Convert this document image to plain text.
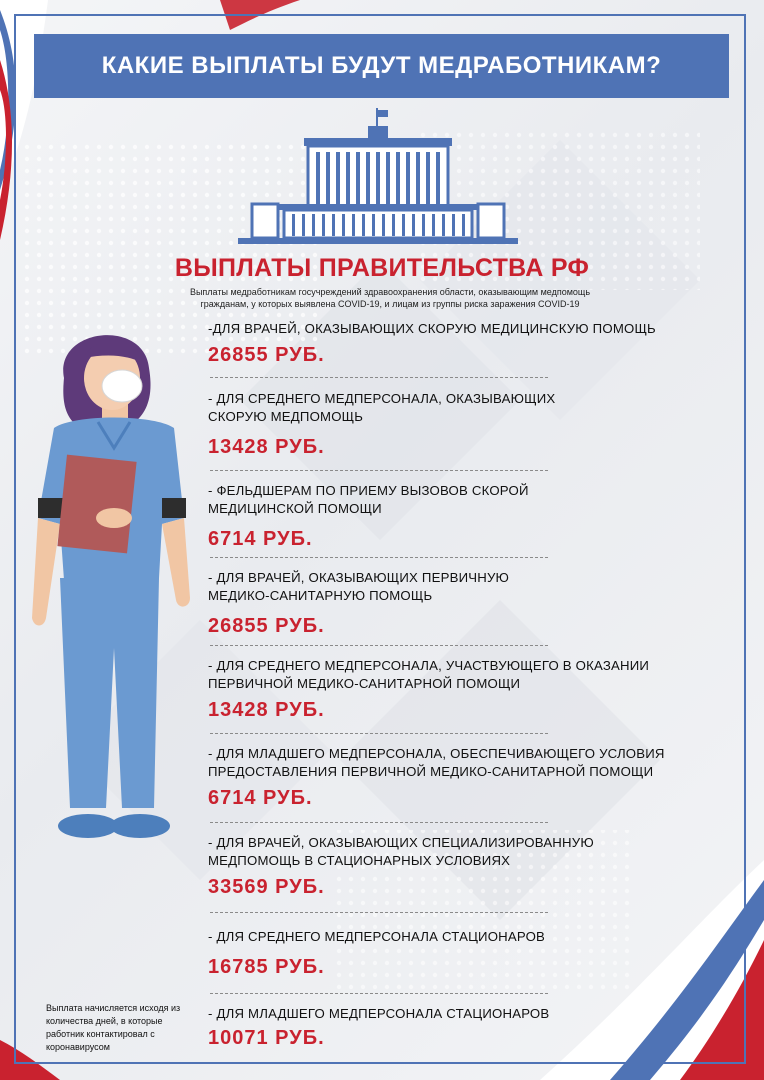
КАКИЕ ВЫПЛАТЫ БУДУТ МЕДРАБОТНИКАМ?
ВЫПЛАТЫ ПРАВИТЕЛЬСТВА РФ
Выплаты медработникам госучреждений здравоохранения области, оказывающим медпомощь
гражданам, у которых выявлена COVID-19, и лицам из группы риска заражения COVID-19
-ДЛЯ ВРАЧЕЙ, ОКАЗЫВАЮЩИХ СКОРУЮ МЕДИЦИНСКУЮ ПОМОЩЬ
26855 РУБ.
- ДЛЯ СРЕДНЕГО МЕДПЕРСОНАЛА, ОКАЗЫВАЮЩИХ СКОРУЮ МЕДПОМОЩЬ
13428 РУБ.
- ФЕЛЬДШЕРАМ ПО ПРИЕМУ ВЫЗОВОВ СКОРОЙ МЕДИЦИНСКОЙ ПОМОЩИ
6714 РУБ.
- ДЛЯ ВРАЧЕЙ, ОКАЗЫВАЮЩИХ ПЕРВИЧНУЮ МЕДИКО-САНИТАРНУЮ ПОМОЩЬ
26855 РУБ.
- ДЛЯ СРЕДНЕГО МЕДПЕРСОНАЛА, УЧАСТВУЮЩЕГО В ОКАЗАНИИ ПЕРВИЧНОЙ МЕДИКО-САНИТАРНОЙ ПОМОЩИ
13428 РУБ.
- ДЛЯ МЛАДШЕГО МЕДПЕРСОНАЛА, ОБЕСПЕЧИВАЮЩЕГО УСЛОВИЯ ПРЕДОСТАВЛЕНИЯ ПЕРВИЧНОЙ МЕДИКО-САНИТАРНОЙ ПОМОЩИ
6714 РУБ.
- ДЛЯ ВРАЧЕЙ, ОКАЗЫВАЮЩИХ СПЕЦИАЛИЗИРОВАННУЮ МЕДПОМОЩЬ В СТАЦИОНАРНЫХ УСЛОВИЯХ
33569 РУБ.
- ДЛЯ СРЕДНЕГО МЕДПЕРСОНАЛА СТАЦИОНАРОВ
16785 РУБ.
- ДЛЯ МЛАДШЕГО МЕДПЕРСОНАЛА СТАЦИОНАРОВ
10071 РУБ.
Выплата начисляется исходя из количества дней, в которые работник контактировал с коронавирусом
